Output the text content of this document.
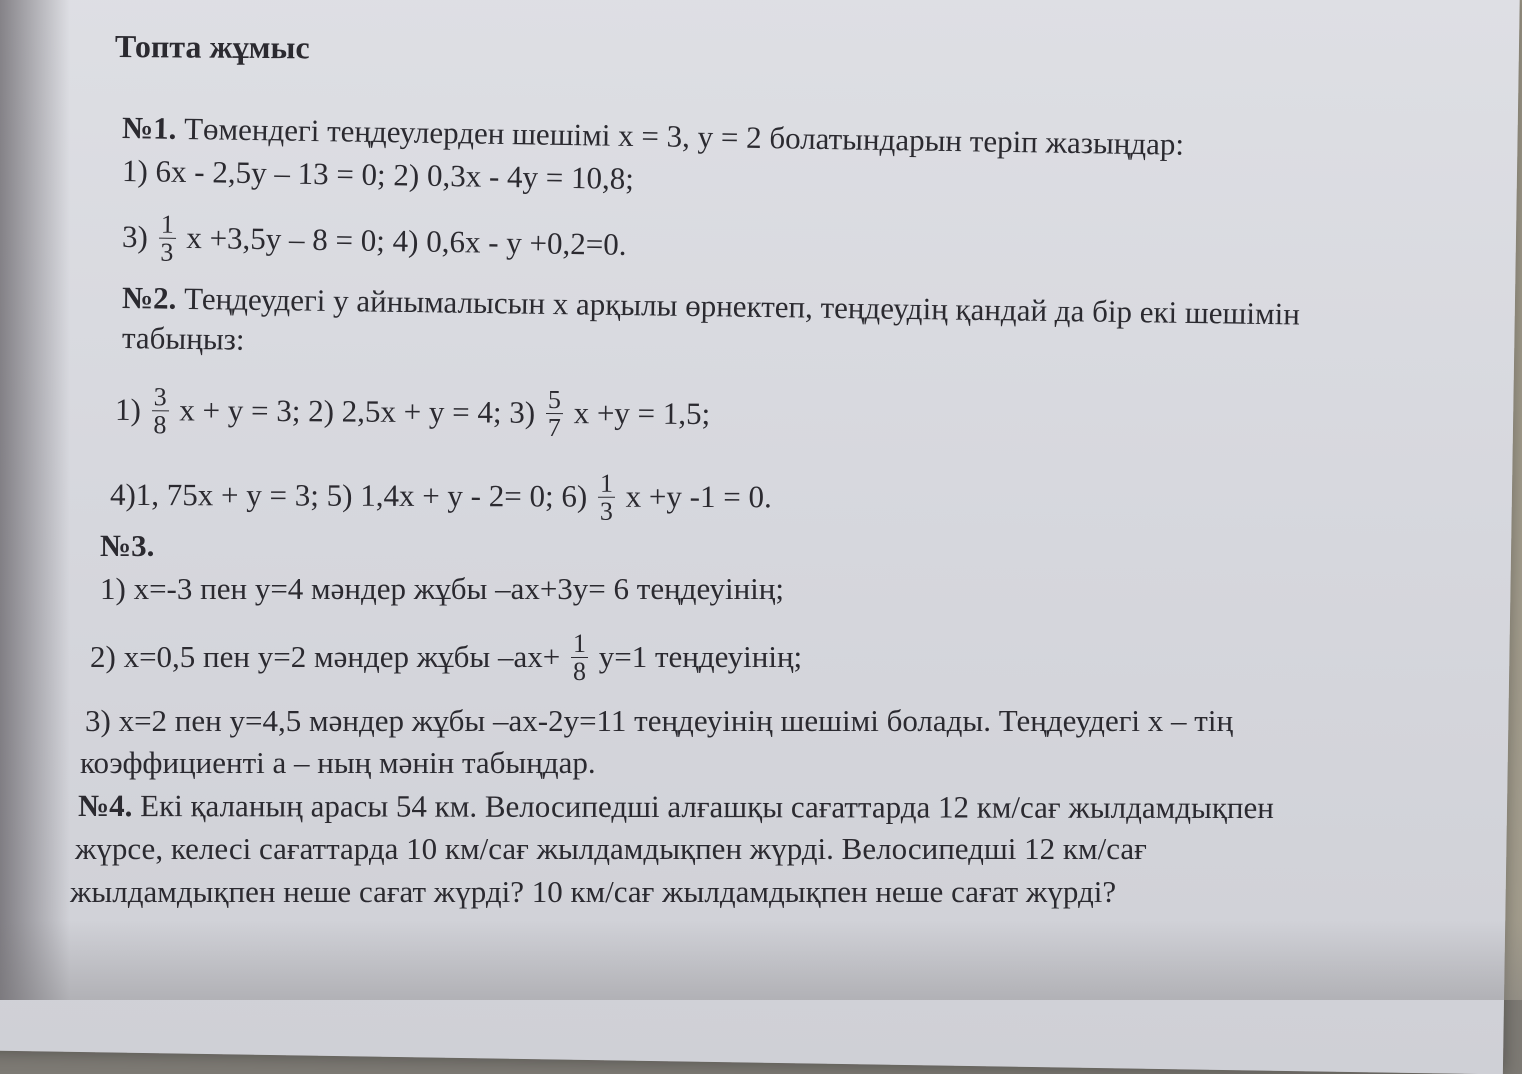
Топта жұмыс
№1. Төмендегі теңдеулерден шешімі x = 3, y = 2 болатындарын теріп жазыңдар:
1) 6x - 2,5y – 13 = 0; 2) 0,3x - 4y = 10,8;
$3) \frac{1}{3}$ x +3,5y – 8 = 0; 4) 0,6x - y +0,2=0.
№2. Теңдеудегі y айнымалысын x арқылы өрнектеп, теңдеудің қандай да бір екі шешімін
табыңыз:
$1) \frac{3}{8}$ x + y = 3; 2) 2,5x + y = 4; $3) \frac{5}{7}$ x +y = 1,5;
4)1, 75x + y = 3; 5) 1,4x + y - 2= 0; $6) \frac{1}{3}$ x +y -1 = 0.
№3.
1) x=-3 пен y=4 мәндер жұбы –ax+3y= 6 теңдеуінің;
2) x=0,5 пен y=2 мәндер жұбы $-ax+ \frac{1}{8} y=1$ теңдеуінің;
3) x=2 пен y=4,5 мәндер жұбы –ax-2y=11 теңдеуінің шешімі болады. Теңдеудегі x – тің
коэффициенті a – ның мәнін табыңдар.
№4. Екі қаланың арасы 54 км. Велосипедші алғашқы сағаттарда 12 км/сағ жылдамдықпен
жүрсе, келесі сағаттарда 10 км/сағ жылдамдықпен жүрді. Велосипедші 12 км/сағ
жылдамдықпен неше сағат жүрді? 10 км/сағ жылдамдықпен неше сағат жүрді?
